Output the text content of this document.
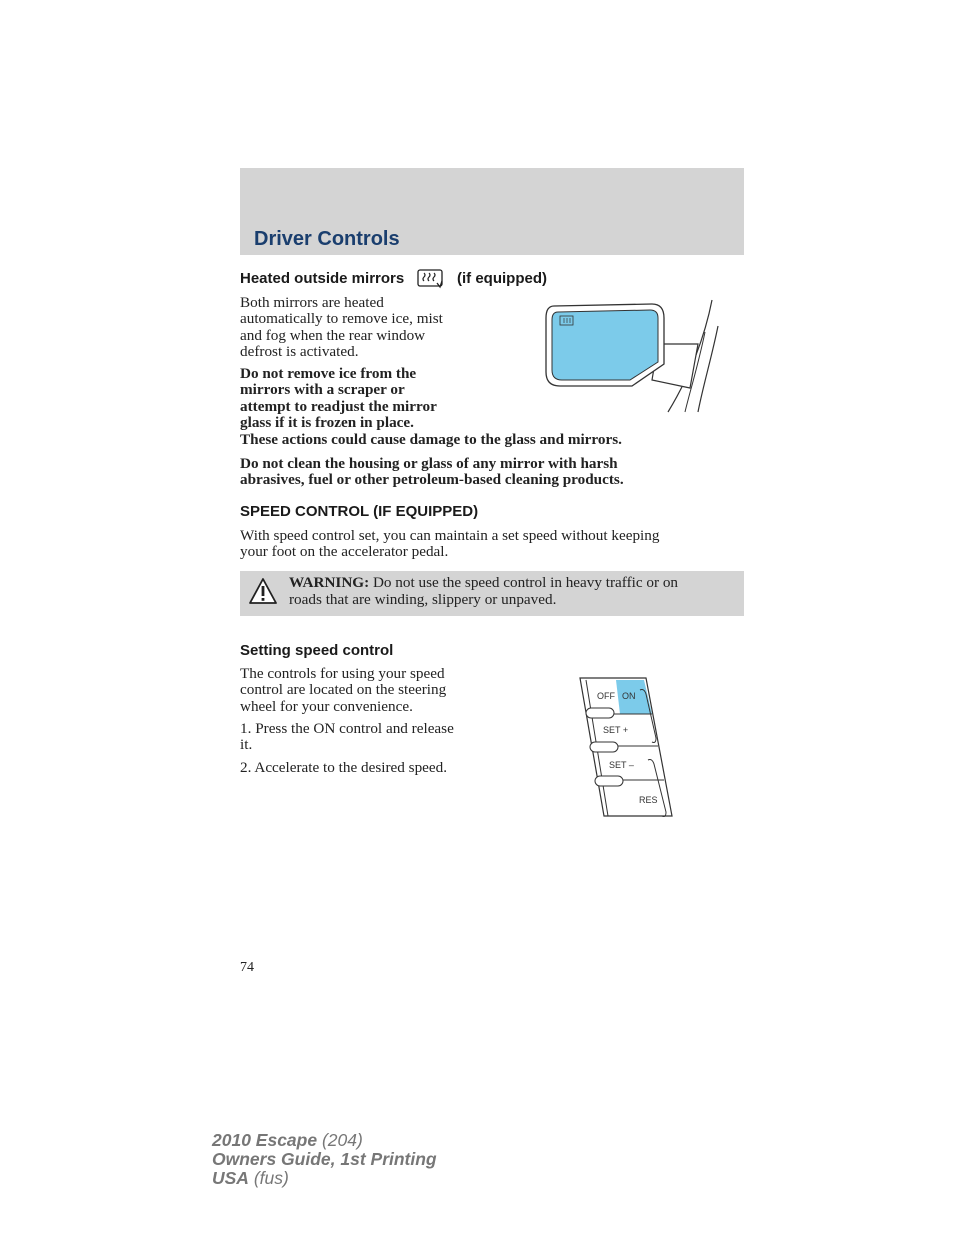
Driver Controls
Heated outside mirrors	(if equipped)
Both mirrors are heated
automatically to remove ice, mist
and fog when the rear window
defrost is activated.
Do not remove ice from the
mirrors with a scraper or
attempt to readjust the mirror
glass if it is frozen in place.
These actions could cause damage to the glass and mirrors.
Do not clean the housing or glass of any mirror with harsh
abrasives, fuel or other petroleum-based cleaning products.
SPEED CONTROL (IF EQUIPPED)
With speed control set, you can maintain a set speed without keeping
your foot on the accelerator pedal.
WARNING: Do not use the speed control in heavy traffic or on
roads that are winding, slippery or unpaved.
Setting speed control
The controls for using your speed
control are located on the steering
wheel for your convenience.
1. Press the ON control and release
it.
2. Accelerate to the desired speed.
OFF ON
SET +
SET –
RES
74
2010 Escape (204)
Owners Guide, 1st Printing
USA (fus)
